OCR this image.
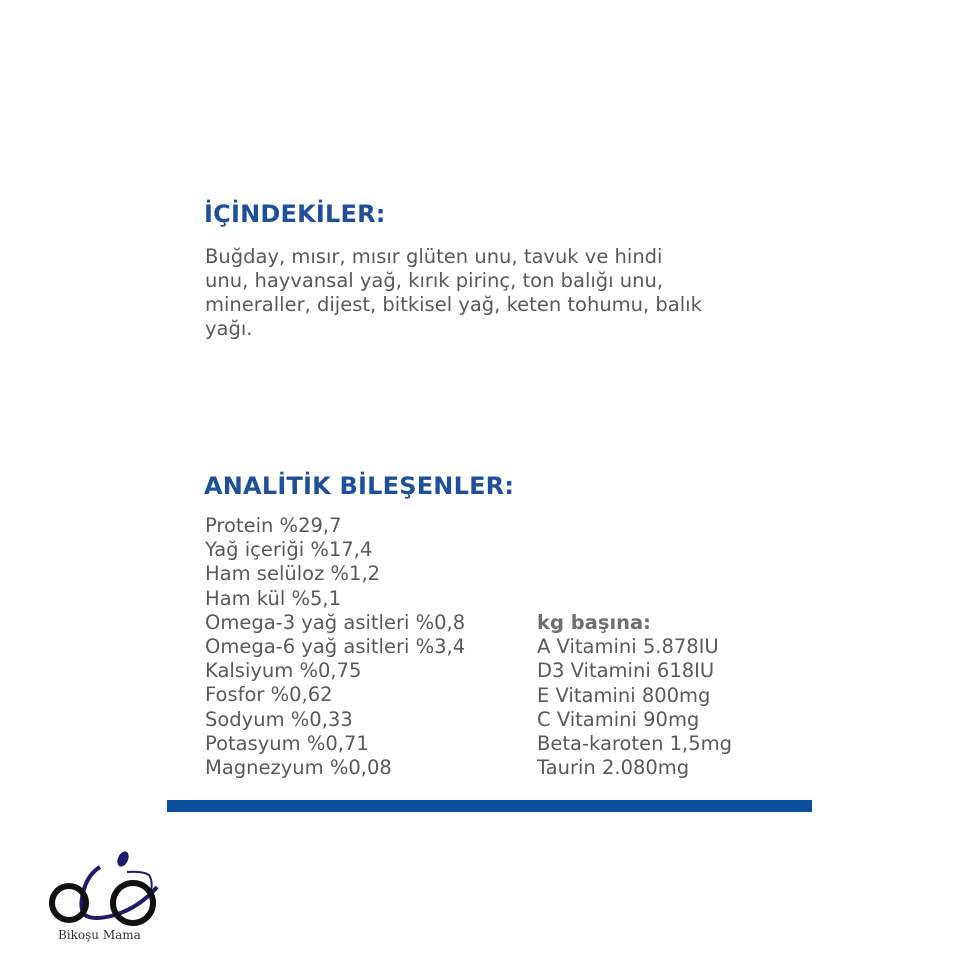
İÇİNDEKİLER:

Buğday, mısır, mısır glüten unu, tavuk ve hindi
unu, hayvansal yağ, kırık pirinç, ton balığı unu,
mineraller, dijest, bitkisel yağ, keten tohumu, balık
yağı.

ANALİTİK BİLEŞENLER:
Protein %29,7
Yağ içeriği %17,4
Ham selüloz %1,2
Ham kül %5,1
Omega-3 yağ asitleri %0,8
Omega-6 yağ asitleri %3,4
Kalsiyum %0,75
Fosfor %0,62
Sodyum %0,33
Potasyum %0,71
Magnezyum %0,08
kg başına:
A Vitamini 5.878IU
D3 Vitamini 618IU
E Vitamini 800mg
C Vitamini 90mg
Beta-karoten 1,5mg
Taurin 2.080mg
Bikoşu Mama
